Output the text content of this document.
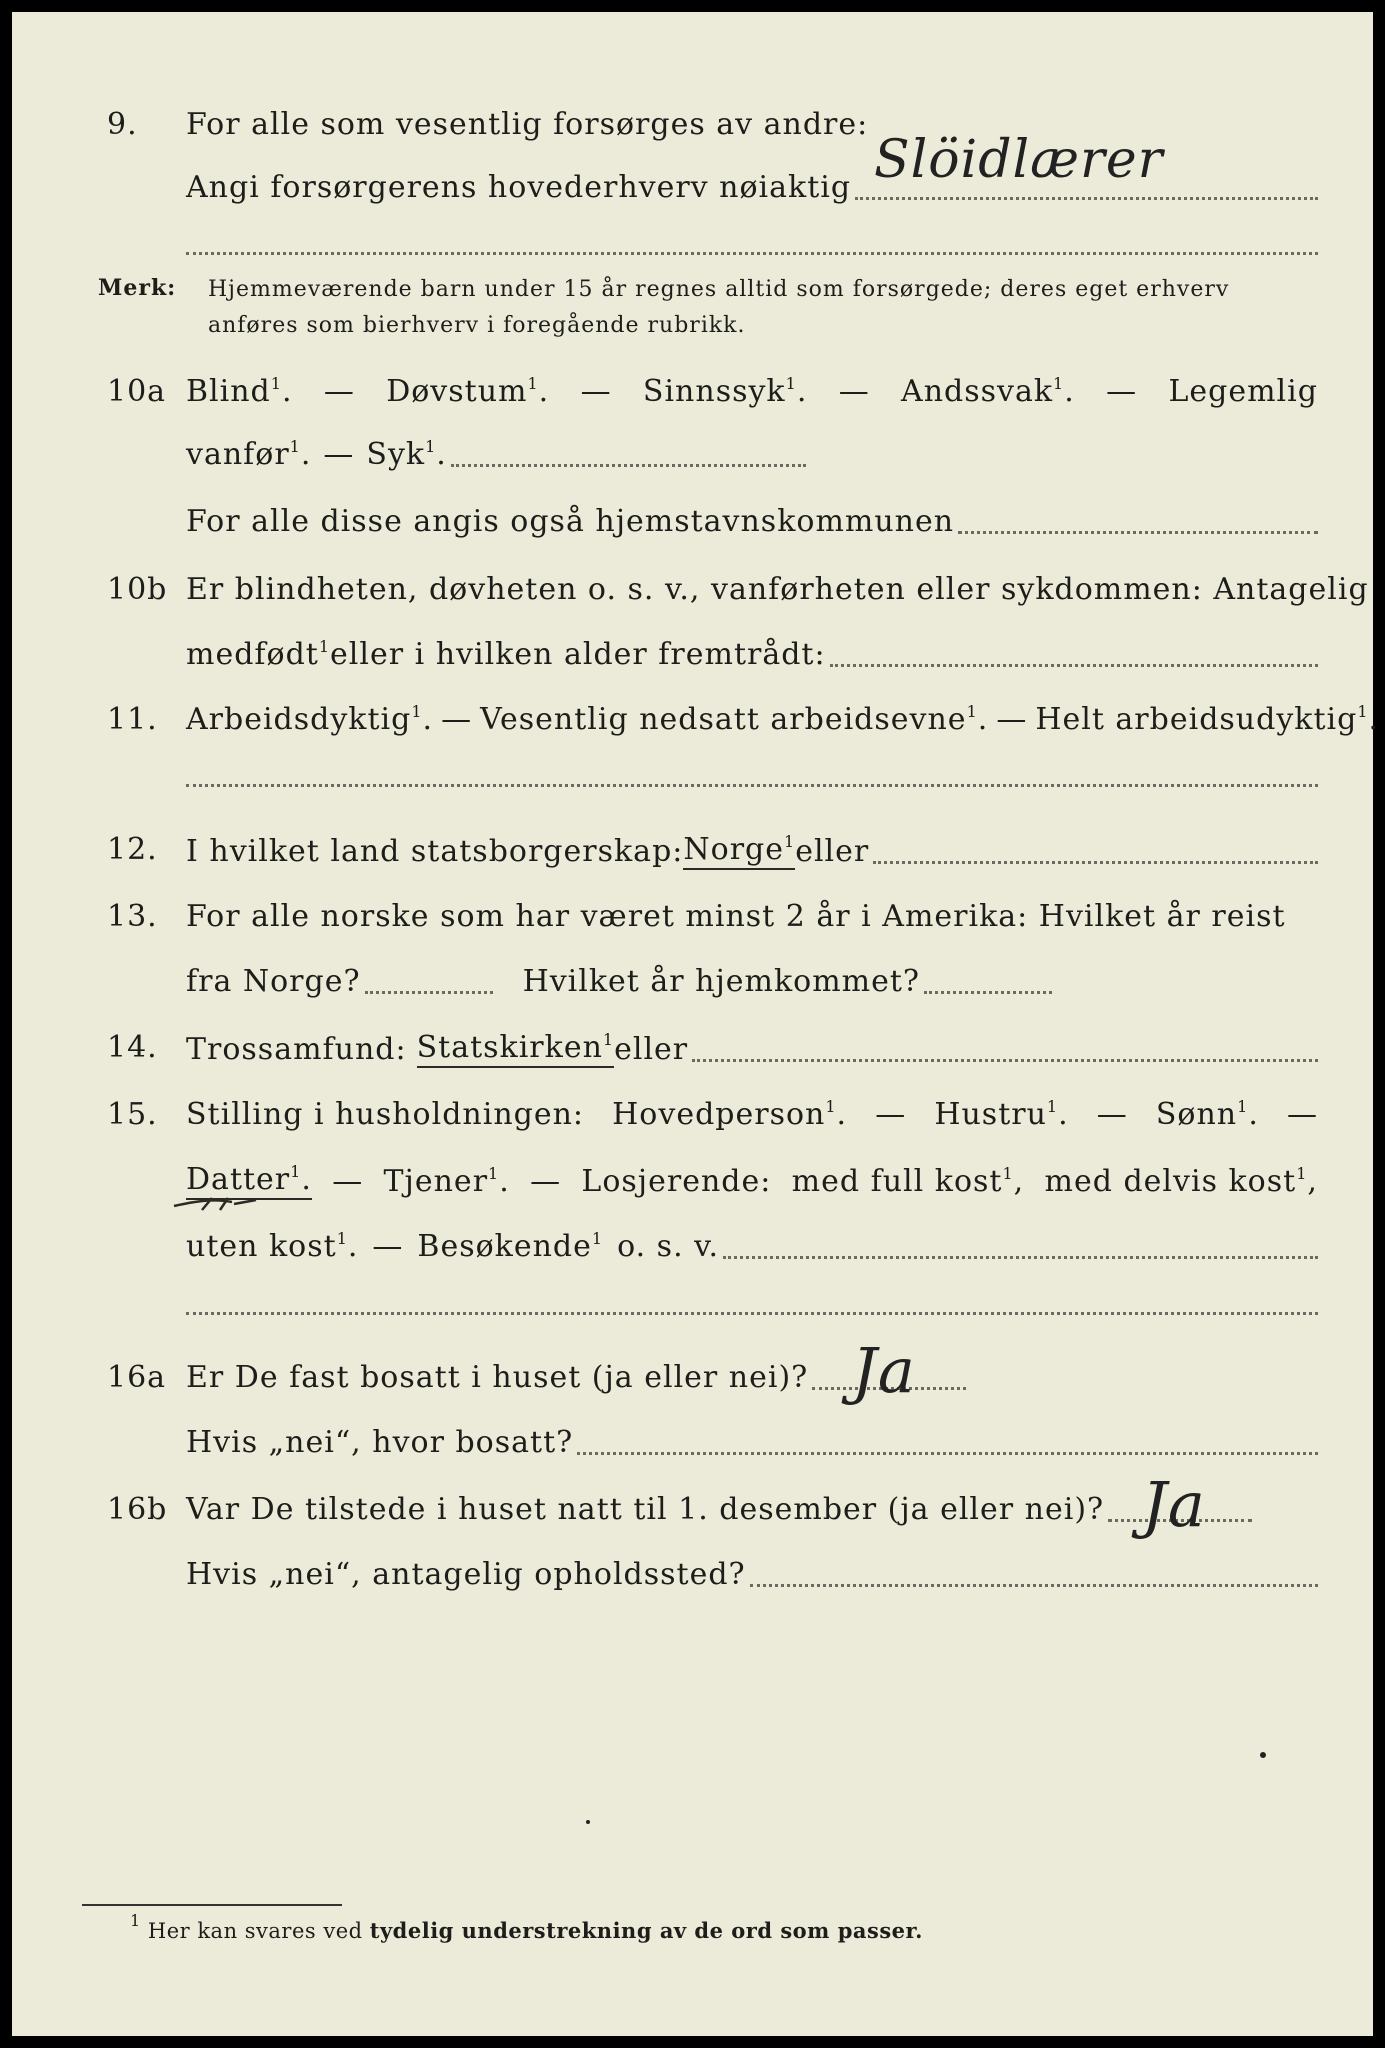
9. For alle som vesentlig forsørges av andre:
Angi forsørgerens hovederhverv nøiaktig Slöidlærer
Merk: Hjemmeværende barn under 15 år regnes alltid som forsørgede; deres eget erhverv
anføres som bierhverv i foregående rubrikk.
10a Blind$^1$. — Døvstum$^1$. — Sinnssyk$^1$. — Andssvak$^1$. — Legemlig
vanfør$^1$. — Syk$^1$.
For alle disse angis også hjemstavnskommunen
10b Er blindheten, døvheten o. s. v., vanførheten eller sykdommen: Antagelig
medfødt$^1$ eller i hvilken alder fremtrådt:
11. Arbeidsdyktig$^1$. — Vesentlig nedsatt arbeidsevne$^1$. — Helt arbeidsudyktig$^1$.
12. I hvilket land statsborgerskap: Norge$^1$ eller
13. For alle norske som har været minst 2 år i Amerika: Hvilket år reist
fra Norge?	Hvilket år hjemkommet?
14. Trossamfund: Statskirken$^1$ eller
15. Stilling i husholdningen: Hovedperson$^1$. — Hustru$^1$. — Sønn$^1$. —
Datter$^1$. — Tjener$^1$. — Losjerende: med full kost$^1$, med delvis kost$^1$,
uten kost$^1$. — Besøkende$^1$ o. s. v.
16a Er De fast bosatt i huset (ja eller nei)? Ja
Hvis „nei“, hvor bosatt?
16b Var De tilstede i huset natt til 1. desember (ja eller nei)? Ja
Hvis „nei“, antagelig opholdssted?
$^1$ Her kan svares ved tydelig understrekning av de ord som passer.
